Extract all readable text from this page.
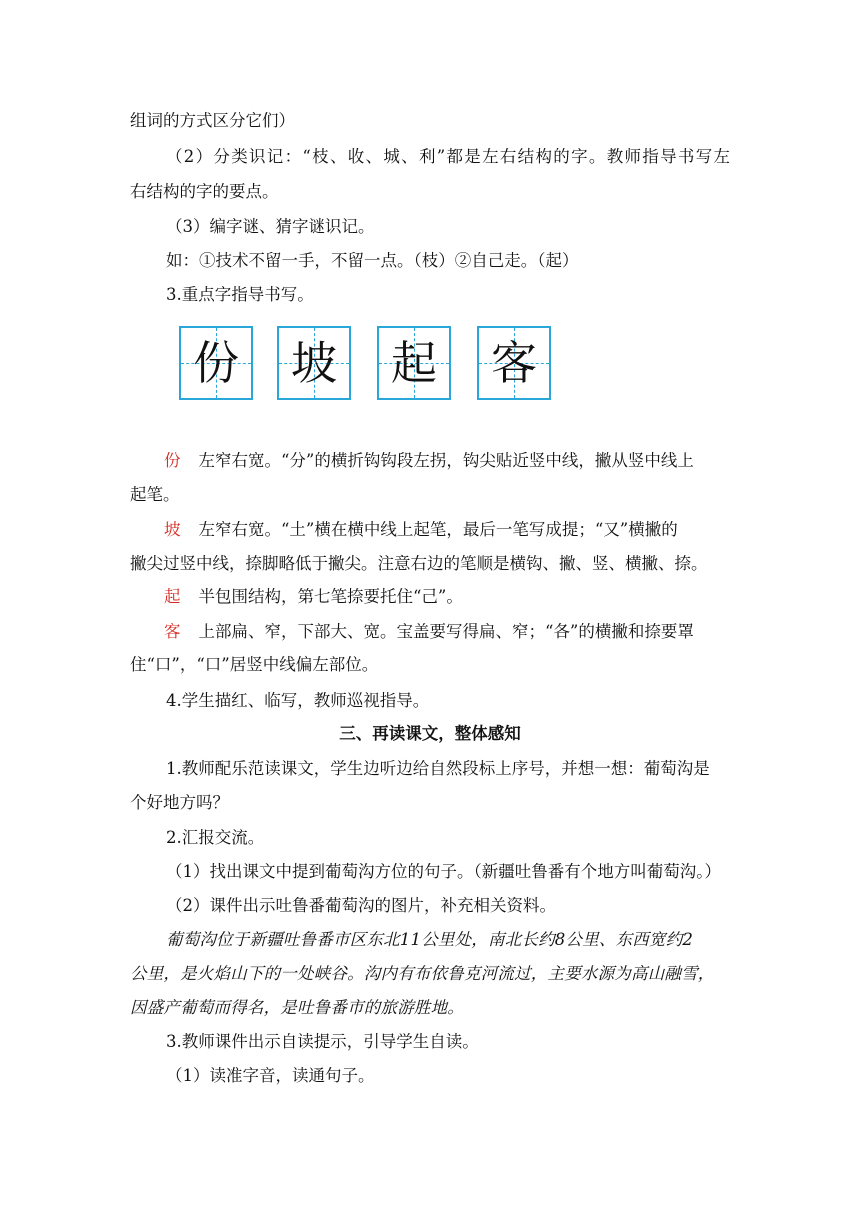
组词的方式区分它们）
（2）分类识记：“枝、收、城、利”都是左右结构的字。教师指导书写左
右结构的字的要点。
（3）编字谜、猜字谜识记。
如：①技术不留一手，不留一点。（枝）②自己走。（起）
3.重点字指导书写。
份 坡 起 客
份 左窄右宽。“分”的横折钩钩段左拐，钩尖贴近竖中线，撇从竖中线上
起笔。
坡 左窄右宽。“土”横在横中线上起笔，最后一笔写成提；“又”横撇的
撇尖过竖中线，捺脚略低于撇尖。注意右边的笔顺是横钩、撇、竖、横撇、捺。
起 半包围结构，第七笔捺要托住“己”。
客 上部扁、窄，下部大、宽。宝盖要写得扁、窄；“各”的横撇和捺要罩
住“口”，“口”居竖中线偏左部位。
4.学生描红、临写，教师巡视指导。
三、再读课文，整体感知
1.教师配乐范读课文，学生边听边给自然段标上序号，并想一想：葡萄沟是
个好地方吗？
2.汇报交流。
（1）找出课文中提到葡萄沟方位的句子。（新疆吐鲁番有个地方叫葡萄沟。）
（2）课件出示吐鲁番葡萄沟的图片，补充相关资料。
葡萄沟位于新疆吐鲁番市区东北11公里处，南北长约8公里、东西宽约2
公里，是火焰山下的一处峡谷。沟内有布依鲁克河流过，主要水源为高山融雪，
因盛产葡萄而得名，是吐鲁番市的旅游胜地。
3.教师课件出示自读提示，引导学生自读。
（1）读准字音，读通句子。
